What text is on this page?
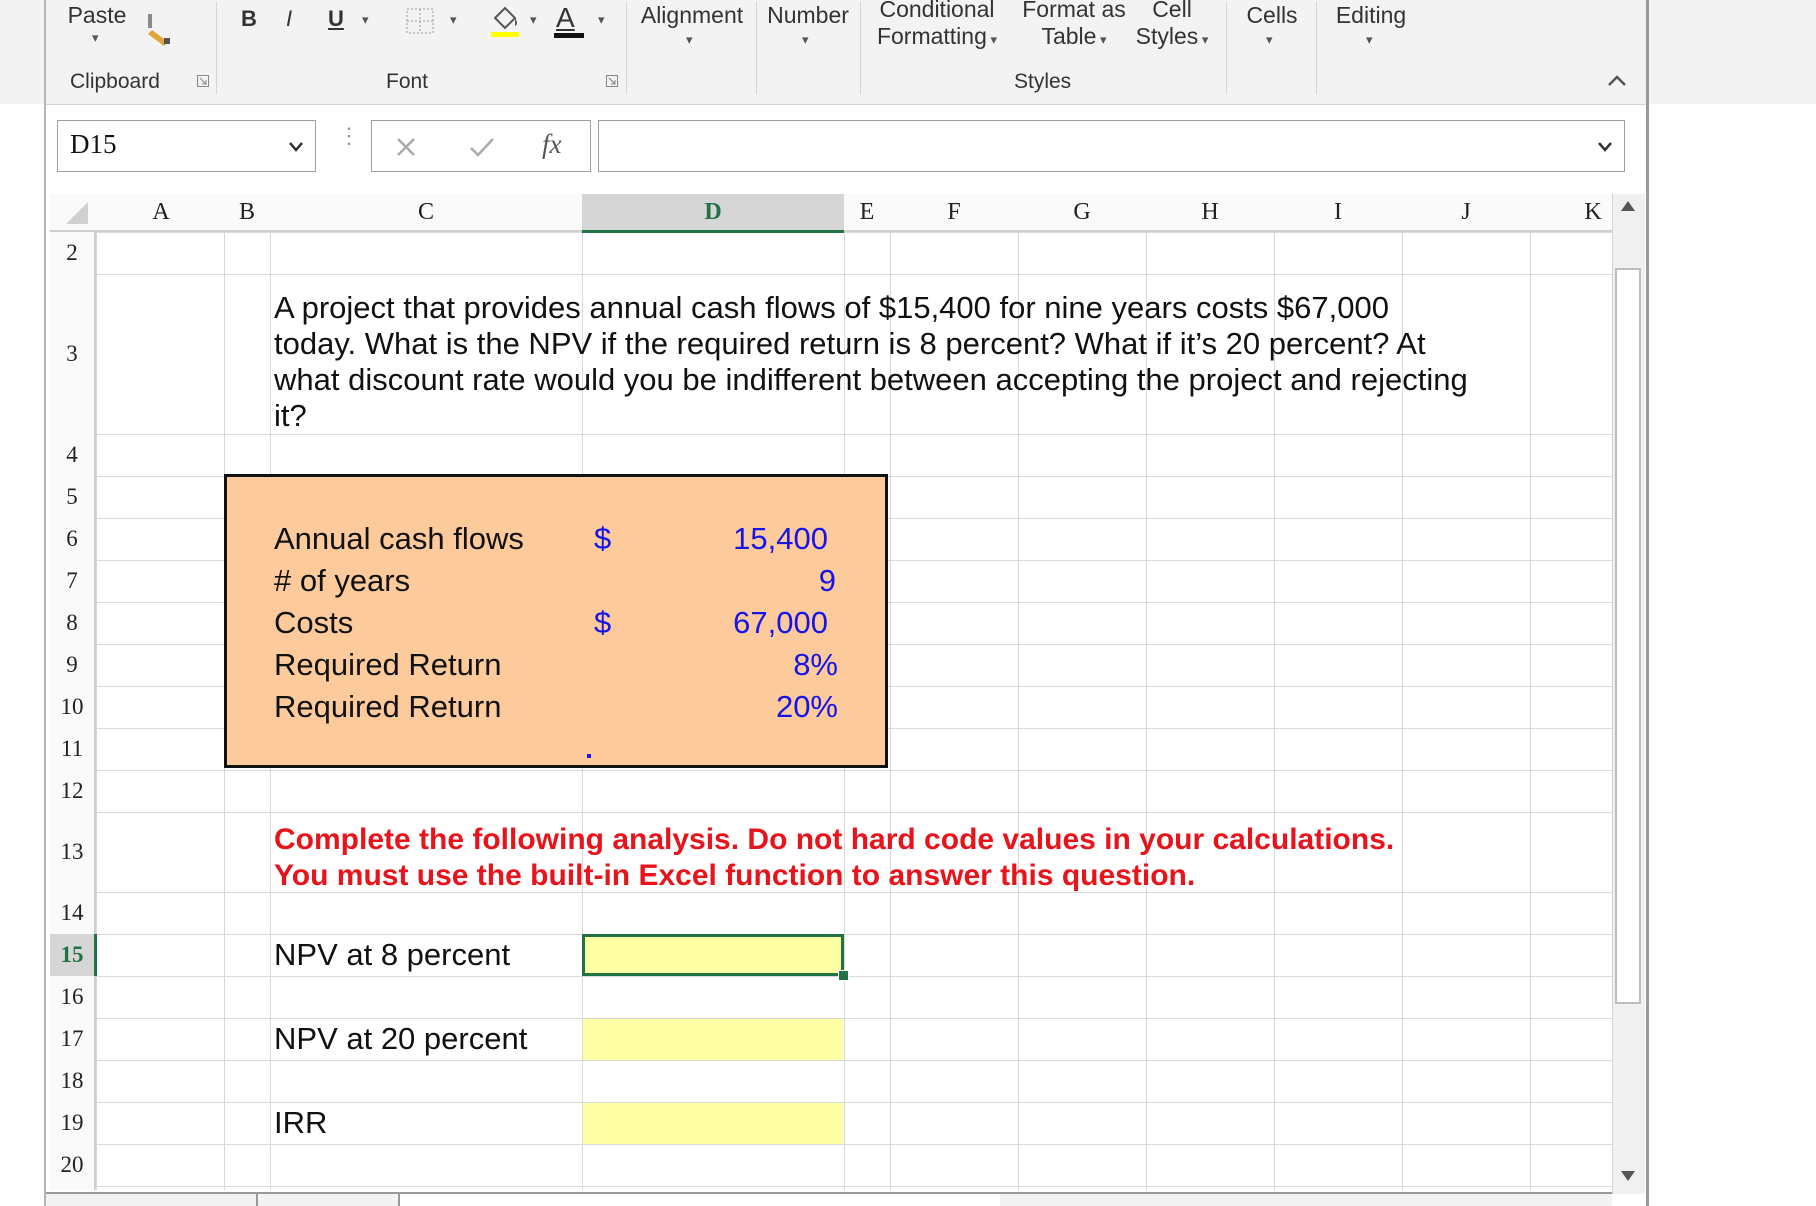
Paste
▾
Clipboard
B I U ▾	▾	▾ A ▾
Font
Alignment
▾
Number
▾
Conditional
Formatting ▾
Format as
Table ▾
Cell
Styles ▾
Styles
Cells
▾
Editing
▾
D15	⋮	fx
A	B	C	D	E	F	G	H	I	J	K
2
3
4
5
6
7
8
9
10
11
12
13
14
15
16
17
18
19
20
A project that provides annual cash flows of $15,400 for nine years costs $67,000
today. What is the NPV if the required return is 8 percent? What if it’s 20 percent? At
what discount rate would you be indifferent between accepting the project and rejecting
it?
Annual cash flows $	15,400
# of years	9
Costs	$	67,000
Required Return	8%
Required Return	20%
Complete the following analysis. Do not hard code values in your calculations.
You must use the built-in Excel function to answer this question.
NPV at 8 percent
NPV at 20 percent
IRR
